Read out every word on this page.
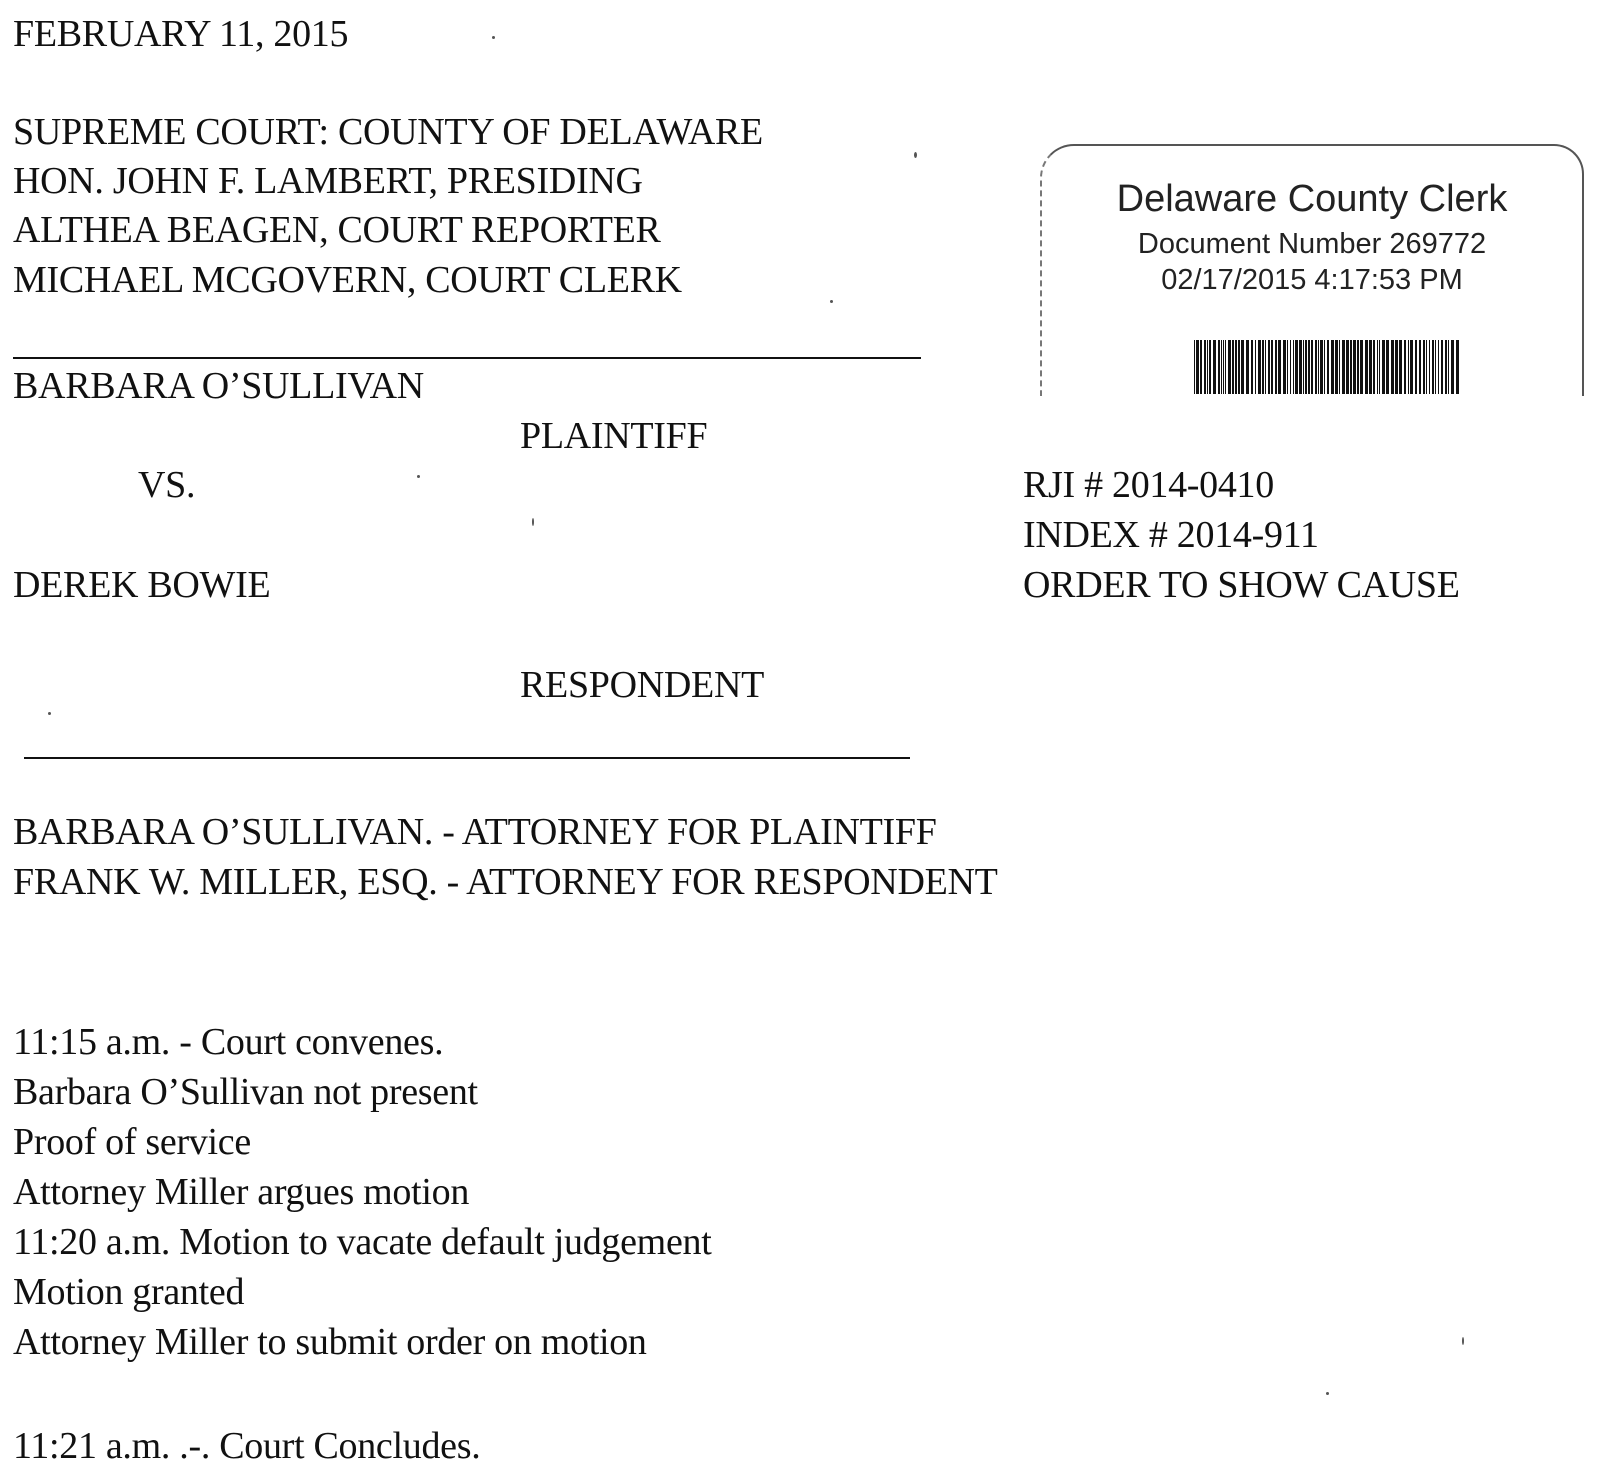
FEBRUARY 11, 2015
SUPREME COURT: COUNTY OF DELAWARE
HON. JOHN F. LAMBERT, PRESIDING
ALTHEA BEAGEN, COURT REPORTER
MICHAEL MCGOVERN, COURT CLERK
Delaware County Clerk
Document Number 269772
02/17/2015 4:17:53 PM
BARBARA O’SULLIVAN
PLAINTIFF
VS.
DEREK BOWIE
RESPONDENT
RJI # 2014-0410
INDEX # 2014-911
ORDER TO SHOW CAUSE
BARBARA O’SULLIVAN. - ATTORNEY FOR PLAINTIFF
FRANK W. MILLER, ESQ. - ATTORNEY FOR RESPONDENT
11:15 a.m. - Court convenes.
Barbara O’Sullivan not present
Proof of service
Attorney Miller argues motion
11:20 a.m. Motion to vacate default judgement
Motion granted
Attorney Miller to submit order on motion
11:21 a.m. .-. Court Concludes.
